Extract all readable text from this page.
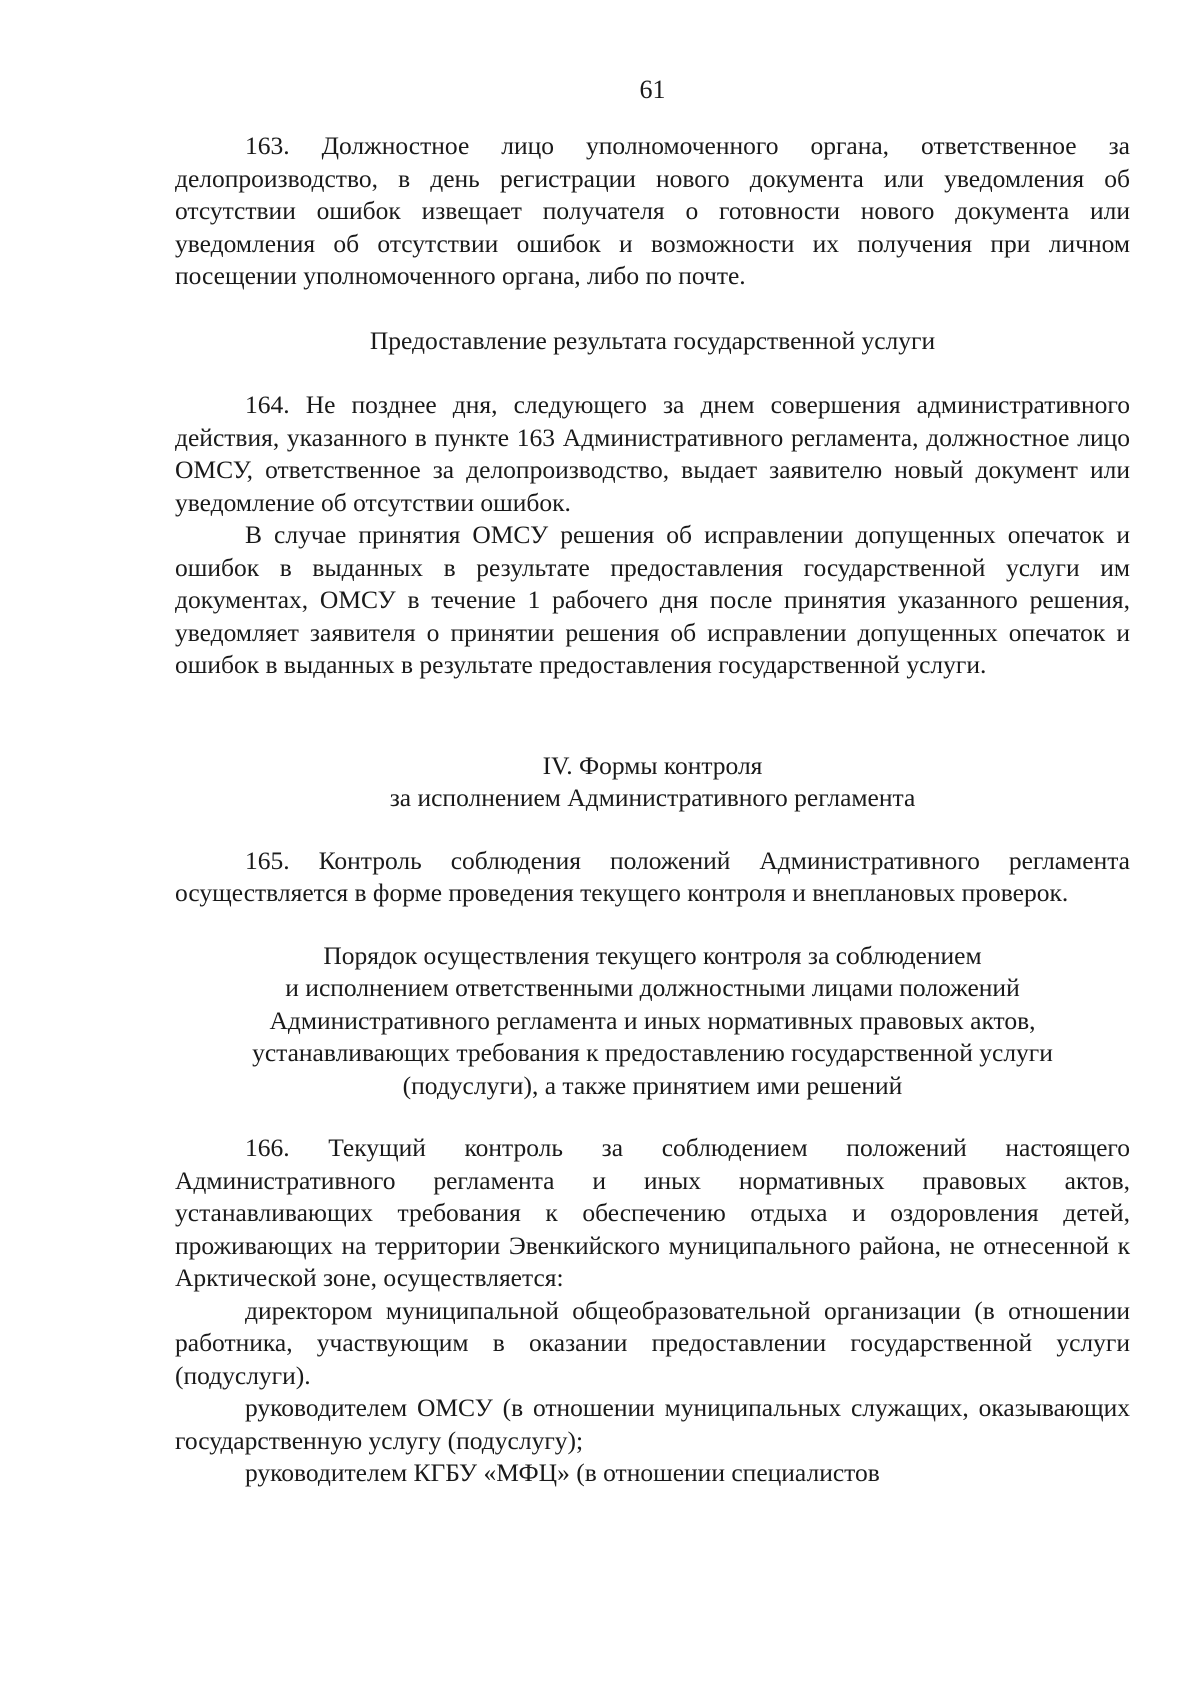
61

163. Должностное лицо уполномоченного органа, ответственное за делопроизводство, в день регистрации нового документа или уведомления об отсутствии ошибок извещает получателя о готовности нового документа или уведомления об отсутствии ошибок и возможности их получения при личном посещении уполномоченного органа, либо по почте.

Предоставление результата государственной услуги

164. Не позднее дня, следующего за днем совершения административного действия, указанного в пункте 163 Административного регламента, должностное лицо ОМСУ, ответственное за делопроизводство, выдает заявителю новый документ или уведомление об отсутствии ошибок.

В случае принятия ОМСУ решения об исправлении допущенных опечаток и ошибок в выданных в результате предоставления государственной услуги им документах, ОМСУ в течение 1 рабочего дня после принятия указанного решения, уведомляет заявителя о принятии решения об исправлении допущенных опечаток и ошибок в выданных в результате предоставления государственной услуги.

IV. Формы контроля
за исполнением Административного регламента

165. Контроль соблюдения положений Административного регламента осуществляется в форме проведения текущего контроля и внеплановых проверок.

Порядок осуществления текущего контроля за соблюдением
и исполнением ответственными должностными лицами положений
Административного регламента и иных нормативных правовых актов,
устанавливающих требования к предоставлению государственной услуги
(подуслуги), а также принятием ими решений

166. Текущий контроль за соблюдением положений настоящего Административного регламента и иных нормативных правовых актов, устанавливающих требования к обеспечению отдыха и оздоровления детей, проживающих на территории Эвенкийского муниципального района, не отнесенной к Арктической зоне, осуществляется:

директором муниципальной общеобразовательной организации (в отношении работника, участвующим в оказании предоставлении государственной услуги (подуслуги).

руководителем ОМСУ (в отношении муниципальных служащих, оказывающих государственную услугу (подуслугу);

руководителем КГБУ «МФЦ» (в отношении специалистов
